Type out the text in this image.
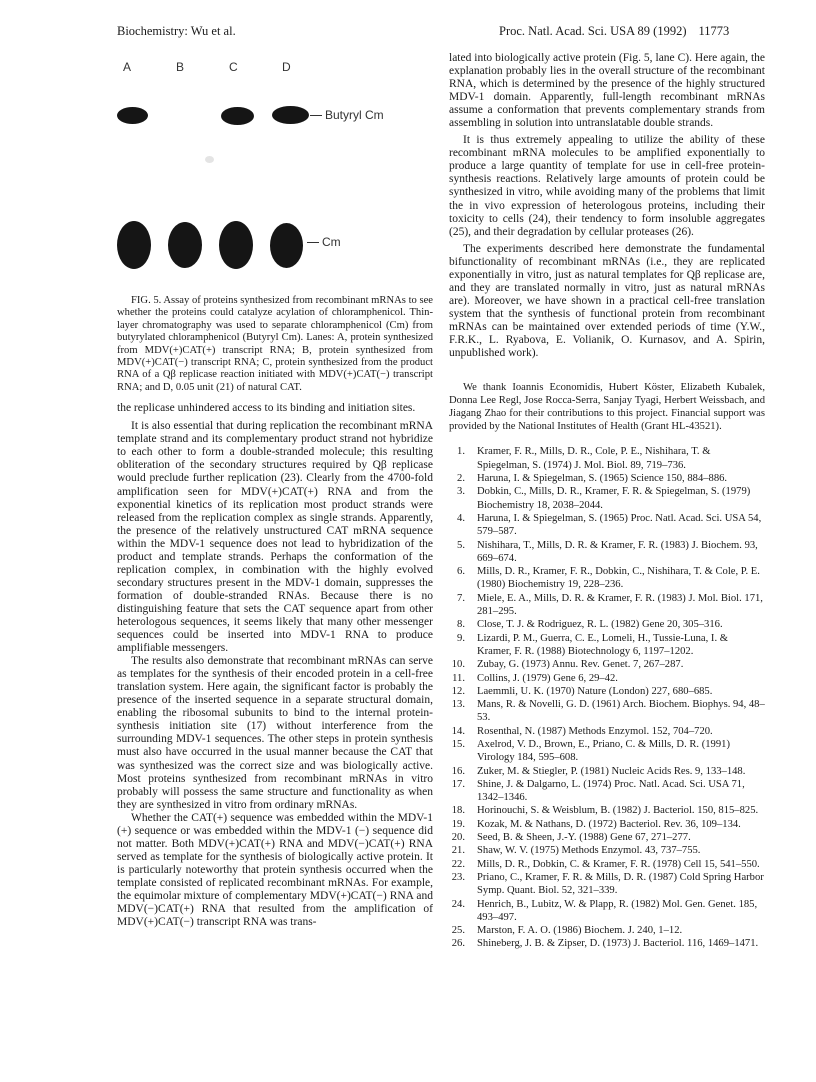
Biochemistry: Wu et al.	Proc. Natl. Acad. Sci. USA 89 (1992) 11773
A	B	C	D
Butyryl Cm
Cm

FIG. 5. Assay of proteins synthesized from recombinant mRNAs to see whether the proteins could catalyze acylation of chloramphenicol. Thin-layer chromatography was used to separate chloramphenicol (Cm) from butyrylated chloramphenicol (Butyryl Cm). Lanes: A, protein synthesized from MDV(+)CAT(+) transcript RNA; B, protein synthesized from MDV(+)CAT(−) transcript RNA; C, protein synthesized from the product RNA of a Qβ replicase reaction initiated with MDV(+)CAT(−) transcript RNA; and D, 0.05 unit (21) of natural CAT.

the replicase unhindered access to its binding and initiation sites.

It is also essential that during replication the recombinant mRNA template strand and its complementary product strand not hybridize to each other to form a double-stranded molecule; this resulting obliteration of the secondary structures required by Qβ replicase would preclude further replication (23). Clearly from the 4700-fold amplification seen for MDV(+)CAT(+) RNA and from the exponential kinetics of its replication most product strands were released from the replication complex as single strands. Apparently, the presence of the relatively unstructured CAT mRNA sequence within the MDV-1 sequence does not lead to hybridization of the product and template strands. Perhaps the conformation of the replication complex, in combination with the highly evolved secondary structures present in the MDV-1 domain, suppresses the formation of double-stranded RNAs. Because there is no distinguishing feature that sets the CAT sequence apart from other heterologous sequences, it seems likely that many other messenger sequences could be inserted into MDV-1 RNA to produce amplifiable messengers.

The results also demonstrate that recombinant mRNAs can serve as templates for the synthesis of their encoded protein in a cell-free translation system. Here again, the significant factor is probably the presence of the inserted sequence in a separate structural domain, enabling the ribosomal subunits to bind to the internal protein-synthesis initiation site (17) without interference from the surrounding MDV-1 sequences. The other steps in protein synthesis must also have occurred in the usual manner because the CAT that was synthesized was the correct size and was biologically active. Most proteins synthesized from recombinant mRNAs in vitro probably will possess the same structure and functionality as when they are synthesized in vitro from ordinary mRNAs.

Whether the CAT(+) sequence was embedded within the MDV-1 (+) sequence or was embedded within the MDV-1 (−) sequence did not matter. Both MDV(+)CAT(+) RNA and MDV(−)CAT(+) RNA served as template for the synthesis of biologically active protein. It is particularly noteworthy that protein synthesis occurred when the template consisted of replicated recombinant mRNAs. For example, the equimolar mixture of complementary MDV(+)CAT(−) RNA and MDV(−)CAT(+) RNA that resulted from the amplification of MDV(+)CAT(−) transcript RNA was trans-

lated into biologically active protein (Fig. 5, lane C). Here again, the explanation probably lies in the overall structure of the recombinant RNA, which is determined by the presence of the highly structured MDV-1 domain. Apparently, full-length recombinant mRNAs assume a conformation that prevents complementary strands from assembling in solution into untranslatable double strands.

It is thus extremely appealing to utilize the ability of these recombinant mRNA molecules to be amplified exponentially to produce a large quantity of template for use in cell-free protein-synthesis reactions. Relatively large amounts of protein could be synthesized in vitro, while avoiding many of the problems that limit the in vivo expression of heterologous proteins, including their toxicity to cells (24), their tendency to form insoluble aggregates (25), and their degradation by cellular proteases (26).

The experiments described here demonstrate the fundamental bifunctionality of recombinant mRNAs (i.e., they are replicated exponentially in vitro, just as natural templates for Qβ replicase are, and they are translated normally in vitro, just as natural mRNAs are). Moreover, we have shown in a practical cell-free translation system that the synthesis of functional protein from recombinant mRNAs can be maintained over extended periods of time (Y.W., F.R.K., L. Ryabova, E. Volianik, O. Kurnasov, and A. Spirin, unpublished work).

We thank Ioannis Economidis, Hubert Köster, Elizabeth Kubalek, Donna Lee Regl, Jose Rocca-Serra, Sanjay Tyagi, Herbert Weissbach, and Jiagang Zhao for their contributions to this project. Financial support was provided by the National Institutes of Health (Grant HL-43521).

1. Kramer, F. R., Mills, D. R., Cole, P. E., Nishihara, T. & Spiegelman, S. (1974) J. Mol. Biol. 89, 719–736.
2. Haruna, I. & Spiegelman, S. (1965) Science 150, 884–886.
3. Dobkin, C., Mills, D. R., Kramer, F. R. & Spiegelman, S. (1979) Biochemistry 18, 2038–2044.
4. Haruna, I. & Spiegelman, S. (1965) Proc. Natl. Acad. Sci. USA 54, 579–587.
5. Nishihara, T., Mills, D. R. & Kramer, F. R. (1983) J. Biochem. 93, 669–674.
6. Mills, D. R., Kramer, F. R., Dobkin, C., Nishihara, T. & Cole, P. E. (1980) Biochemistry 19, 228–236.
7. Miele, E. A., Mills, D. R. & Kramer, F. R. (1983) J. Mol. Biol. 171, 281–295.
8. Close, T. J. & Rodriguez, R. L. (1982) Gene 20, 305–316.
9. Lizardi, P. M., Guerra, C. E., Lomeli, H., Tussie-Luna, I. & Kramer, F. R. (1988) Biotechnology 6, 1197–1202.
10. Zubay, G. (1973) Annu. Rev. Genet. 7, 267–287.
11. Collins, J. (1979) Gene 6, 29–42.
12. Laemmli, U. K. (1970) Nature (London) 227, 680–685.
13. Mans, R. & Novelli, G. D. (1961) Arch. Biochem. Biophys. 94, 48–53.
14. Rosenthal, N. (1987) Methods Enzymol. 152, 704–720.
15. Axelrod, V. D., Brown, E., Priano, C. & Mills, D. R. (1991) Virology 184, 595–608.
16. Zuker, M. & Stiegler, P. (1981) Nucleic Acids Res. 9, 133–148.
17. Shine, J. & Dalgarno, L. (1974) Proc. Natl. Acad. Sci. USA 71, 1342–1346.
18. Horinouchi, S. & Weisblum, B. (1982) J. Bacteriol. 150, 815–825.
19. Kozak, M. & Nathans, D. (1972) Bacteriol. Rev. 36, 109–134.
20. Seed, B. & Sheen, J.-Y. (1988) Gene 67, 271–277.
21. Shaw, W. V. (1975) Methods Enzymol. 43, 737–755.
22. Mills, D. R., Dobkin, C. & Kramer, F. R. (1978) Cell 15, 541–550.
23. Priano, C., Kramer, F. R. & Mills, D. R. (1987) Cold Spring Harbor Symp. Quant. Biol. 52, 321–339.
24. Henrich, B., Lubitz, W. & Plapp, R. (1982) Mol. Gen. Genet. 185, 493–497.
25. Marston, F. A. O. (1986) Biochem. J. 240, 1–12.
26. Shineberg, J. B. & Zipser, D. (1973) J. Bacteriol. 116, 1469–1471.
